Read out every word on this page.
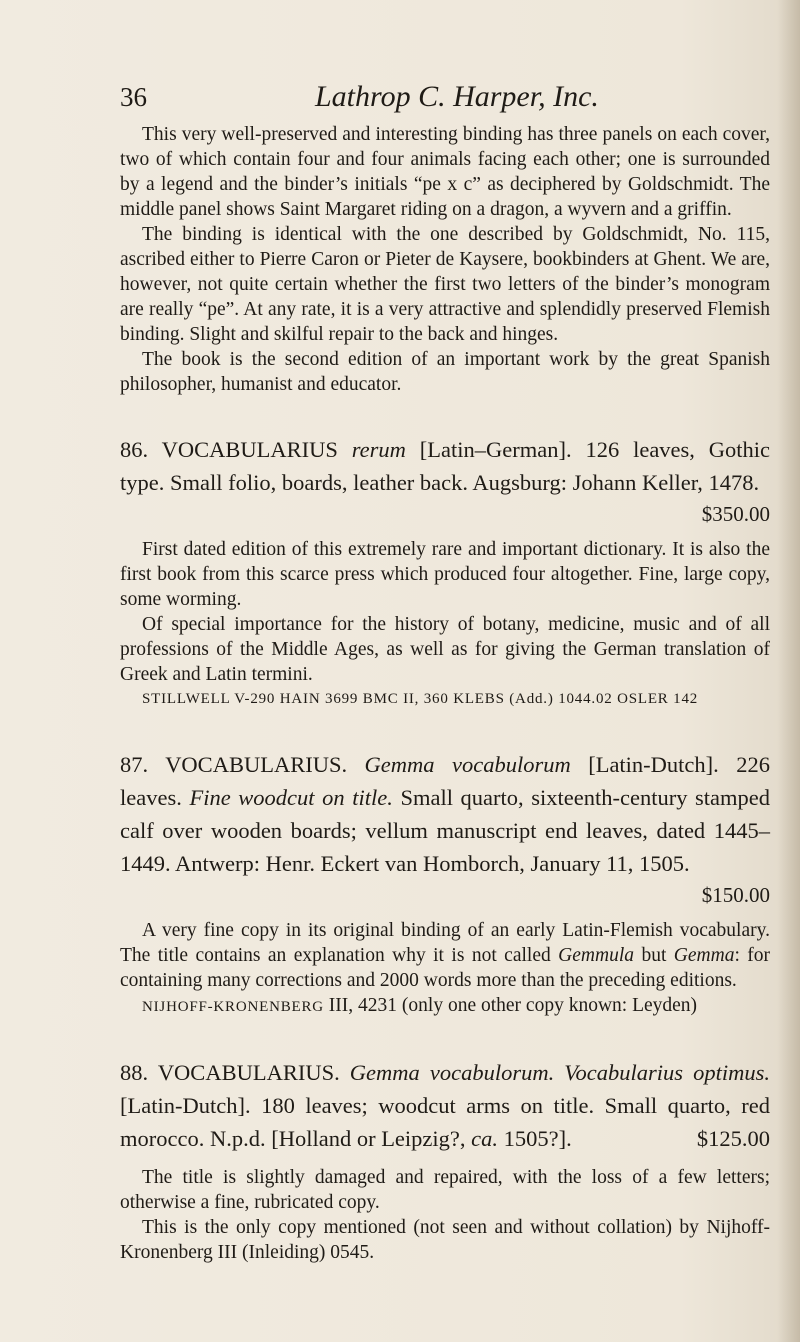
36	Lathrop C. Harper, Inc.

This very well-preserved and interesting binding has three panels on each cover, two of which contain four and four animals facing each other; one is surrounded by a legend and the binder’s initials “pe x c” as deciphered by Goldschmidt. The middle panel shows Saint Margaret riding on a dragon, a wyvern and a griffin.

The binding is identical with the one described by Goldschmidt, No. 115, ascribed either to Pierre Caron or Pieter de Kaysere, bookbinders at Ghent. We are, however, not quite certain whether the first two letters of the binder’s monogram are really “pe”. At any rate, it is a very attractive and splendidly preserved Flemish binding. Slight and skilful repair to the back and hinges.

The book is the second edition of an important work by the great Spanish philosopher, humanist and educator.

86. VOCABULARIUS rerum [Latin–German]. 126 leaves, Gothic type. Small folio, boards, leather back. Augsburg: Johann Keller, 1478.

$350.00

First dated edition of this extremely rare and important dictionary. It is also the first book from this scarce press which produced four altogether. Fine, large copy, some worming.

Of special importance for the history of botany, medicine, music and of all professions of the Middle Ages, as well as for giving the German translation of Greek and Latin termini.

STILLWELL V-290 HAIN 3699 BMC II, 360 KLEBS (Add.) 1044.02 OSLER 142

87. VOCABULARIUS. Gemma vocabulorum [Latin-Dutch]. 226 leaves. Fine woodcut on title. Small quarto, sixteenth-century stamped calf over wooden boards; vellum manuscript end leaves, dated 1445–1449. Antwerp: Henr. Eckert van Homborch, January 11, 1505.

$150.00

A very fine copy in its original binding of an early Latin-Flemish vocabulary. The title contains an explanation why it is not called Gemmula but Gemma: for containing many corrections and 2000 words more than the preceding editions.

NIJHOFF-KRONENBERG III, 4231 (only one other copy known: Leyden)

88. VOCABULARIUS. Gemma vocabulorum. Vocabularius optimus. [Latin-Dutch]. 180 leaves; woodcut arms on title. Small quarto, red morocco. N.p.d. [Holland or Leipzig?, ca. 1505?].	$125.00

The title is slightly damaged and repaired, with the loss of a few letters; otherwise a fine, rubricated copy.

This is the only copy mentioned (not seen and without collation) by Nijhoff-Kronenberg III (Inleiding) 0545.
